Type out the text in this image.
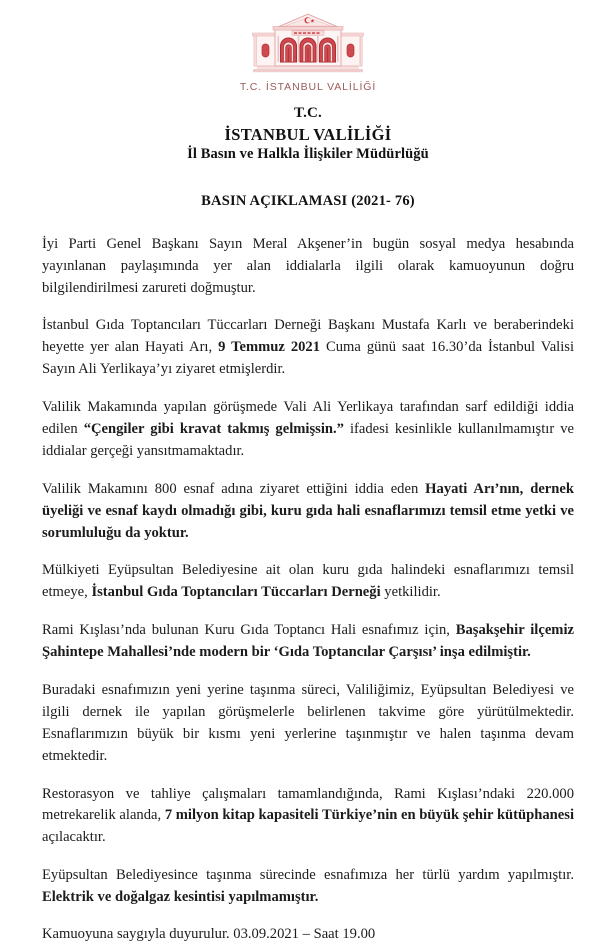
T.C. İSTANBUL VALİLİĞİ
T.C.
İSTANBUL VALİLİĞİ
İl Basın ve Halkla İlişkiler Müdürlüğü
BASIN AÇIKLAMASI (2021- 76)

İyi Parti Genel Başkanı Sayın Meral Akşener’in bugün sosyal medya hesabında yayınlanan paylaşımında yer alan iddialarla ilgili olarak kamuoyunun doğru bilgilendirilmesi zarureti doğmuştur.

İstanbul Gıda Toptancıları Tüccarları Derneği Başkanı Mustafa Karlı ve beraberindeki heyette yer alan Hayati Arı, 9 Temmuz 2021 Cuma günü saat 16.30’da İstanbul Valisi Sayın Ali Yerlikaya’yı ziyaret etmişlerdir.

Valilik Makamında yapılan görüşmede Vali Ali Yerlikaya tarafından sarf edildiği iddia edilen “Çengiler gibi kravat takmış gelmişsin.” ifadesi kesinlikle kullanılmamıştır ve iddialar gerçeği yansıtmamaktadır.

Valilik Makamını 800 esnaf adına ziyaret ettiğini iddia eden Hayati Arı’nın, dernek üyeliği ve esnaf kaydı olmadığı gibi, kuru gıda hali esnaflarımızı temsil etme yetki ve sorumluluğu da yoktur.

Mülkiyeti Eyüpsultan Belediyesine ait olan kuru gıda halindeki esnaflarımızı temsil etmeye, İstanbul Gıda Toptancıları Tüccarları Derneği yetkilidir.

Rami Kışlası’nda bulunan Kuru Gıda Toptancı Hali esnafımız için, Başakşehir ilçemiz Şahintepe Mahallesi’nde modern bir ‘Gıda Toptancılar Çarşısı’ inşa edilmiştir.

Buradaki esnafımızın yeni yerine taşınma süreci, Valiliğimiz, Eyüpsultan Belediyesi ve ilgili dernek ile yapılan görüşmelerle belirlenen takvime göre yürütülmektedir. Esnaflarımızın büyük bir kısmı yeni yerlerine taşınmıştır ve halen taşınma devam etmektedir.

Restorasyon ve tahliye çalışmaları tamamlandığında, Rami Kışlası’ndaki 220.000 metrekarelik alanda, 7 milyon kitap kapasiteli Türkiye’nin en büyük şehir kütüphanesi açılacaktır.

Eyüpsultan Belediyesince taşınma sürecinde esnafımıza her türlü yardım yapılmıştır. Elektrik ve doğalgaz kesintisi yapılmamıştır.

Kamuoyuna saygıyla duyurulur. 03.09.2021 – Saat 19.00
